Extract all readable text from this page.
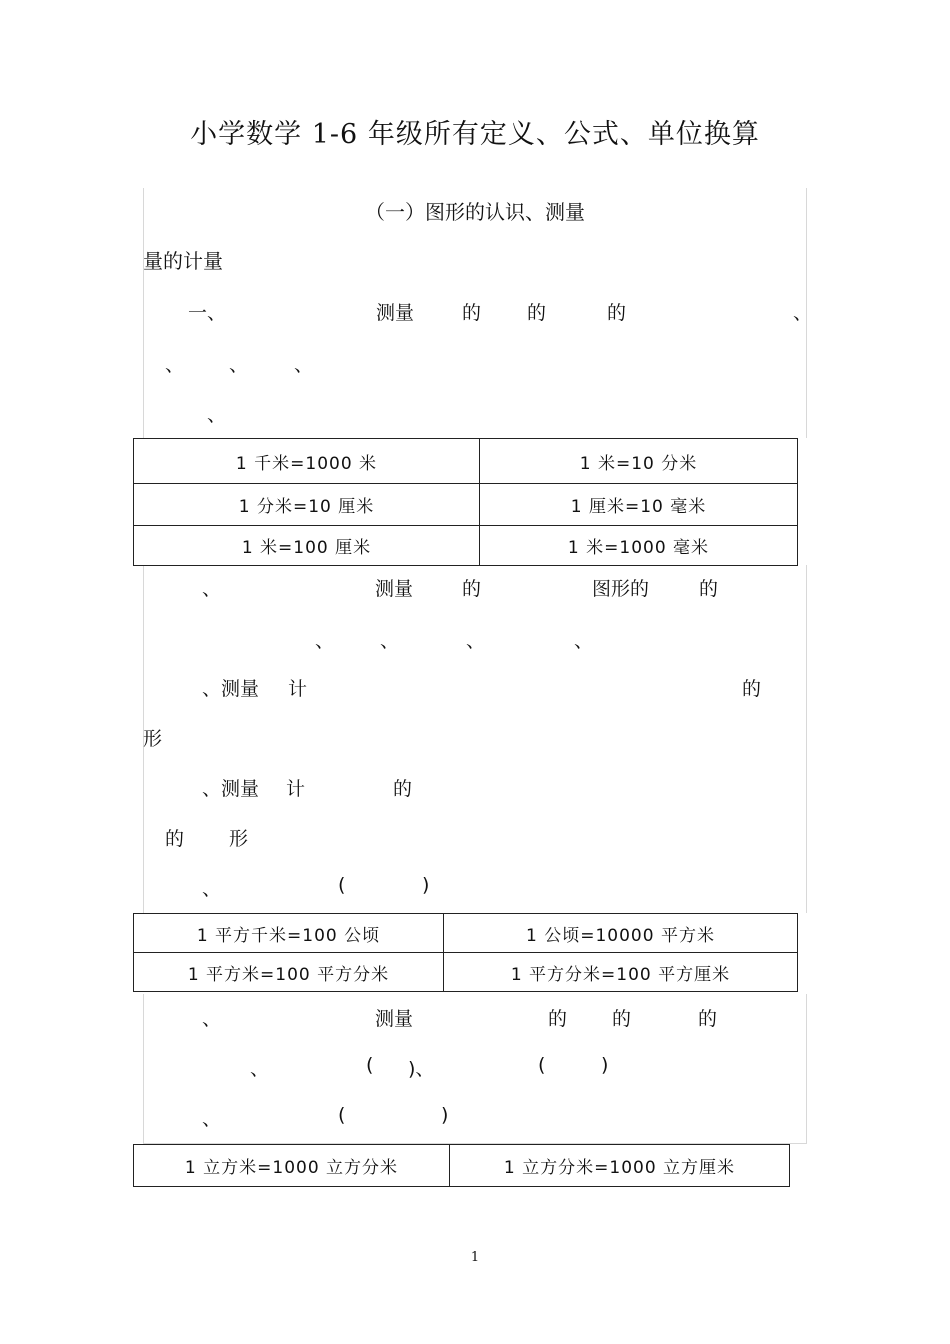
小学数学 1-6 年级所有定义、公式、单位换算
（一）图形的认识、测量
量的计量
一、	测量	的 的	的	、
、 、 、
、
1 千米=1000 米	1 米=10 分米
1 分米=10 厘米	1 厘米=10 毫米
1 米=100 厘米	1 米=1000 毫米
、	测量	的	图形的	的
、 、	、	、
、测量 计	的
形
、测量 计	的
的 形
、	(	)
1 平方千米=100 公顷	1 公顷=10000 平方米
1 平方米=100 平方分米	1 平方分米=100 平方厘米
、	测量	的 的	的
、	( )、	(	)
、	(	)
1 立方米=1000 立方分米	1 立方分米=1000 立方厘米
1
